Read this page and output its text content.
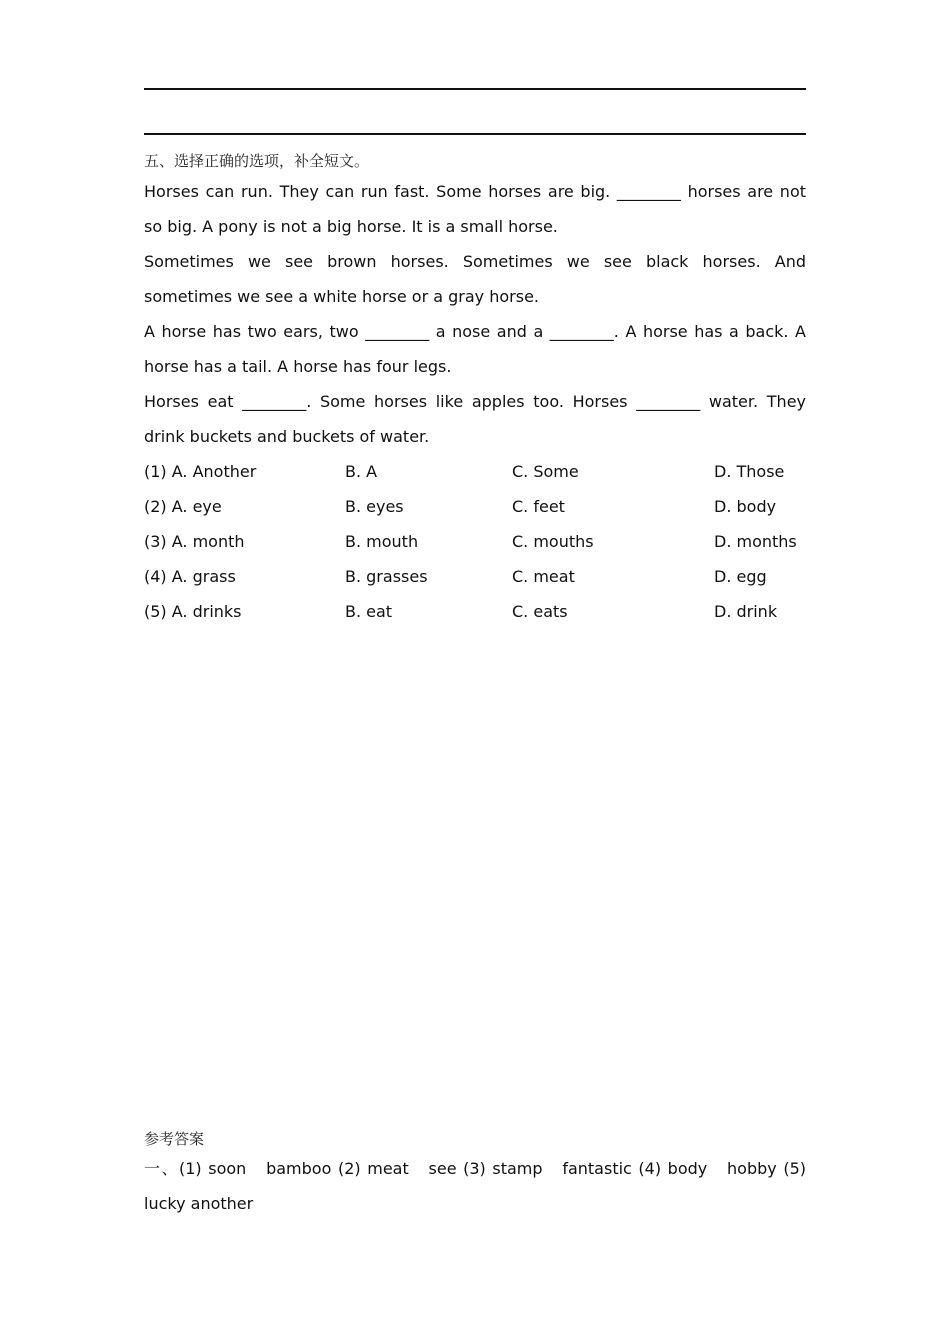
五、选择正确的选项，补全短文。
Horses can run. They can run fast. Some horses are big. ________ horses are not so big. A pony is not a big horse. It is a small horse.
Sometimes we see brown horses. Sometimes we see black horses. And sometimes we see a white horse or a gray horse.
A horse has two ears, two ________ a nose and a ________. A horse has a back. A horse has a tail. A horse has four legs.
Horses eat ________. Some horses like apples too. Horses ________ water. They drink buckets and buckets of water.
(1) A. Another	B. A	C. Some	D. Those
(2) A. eye	B. eyes	C. feet	D. body
(3) A. month	B. mouth	C. mouths	D. months
(4) A. grass	B. grasses	C. meat	D. egg
(5) A. drinks	B. eat	C. eats	D. drink
参考答案
一、(1) soon   bamboo (2) meat   see (3) stamp   fantastic (4) body   hobby (5) lucky another
